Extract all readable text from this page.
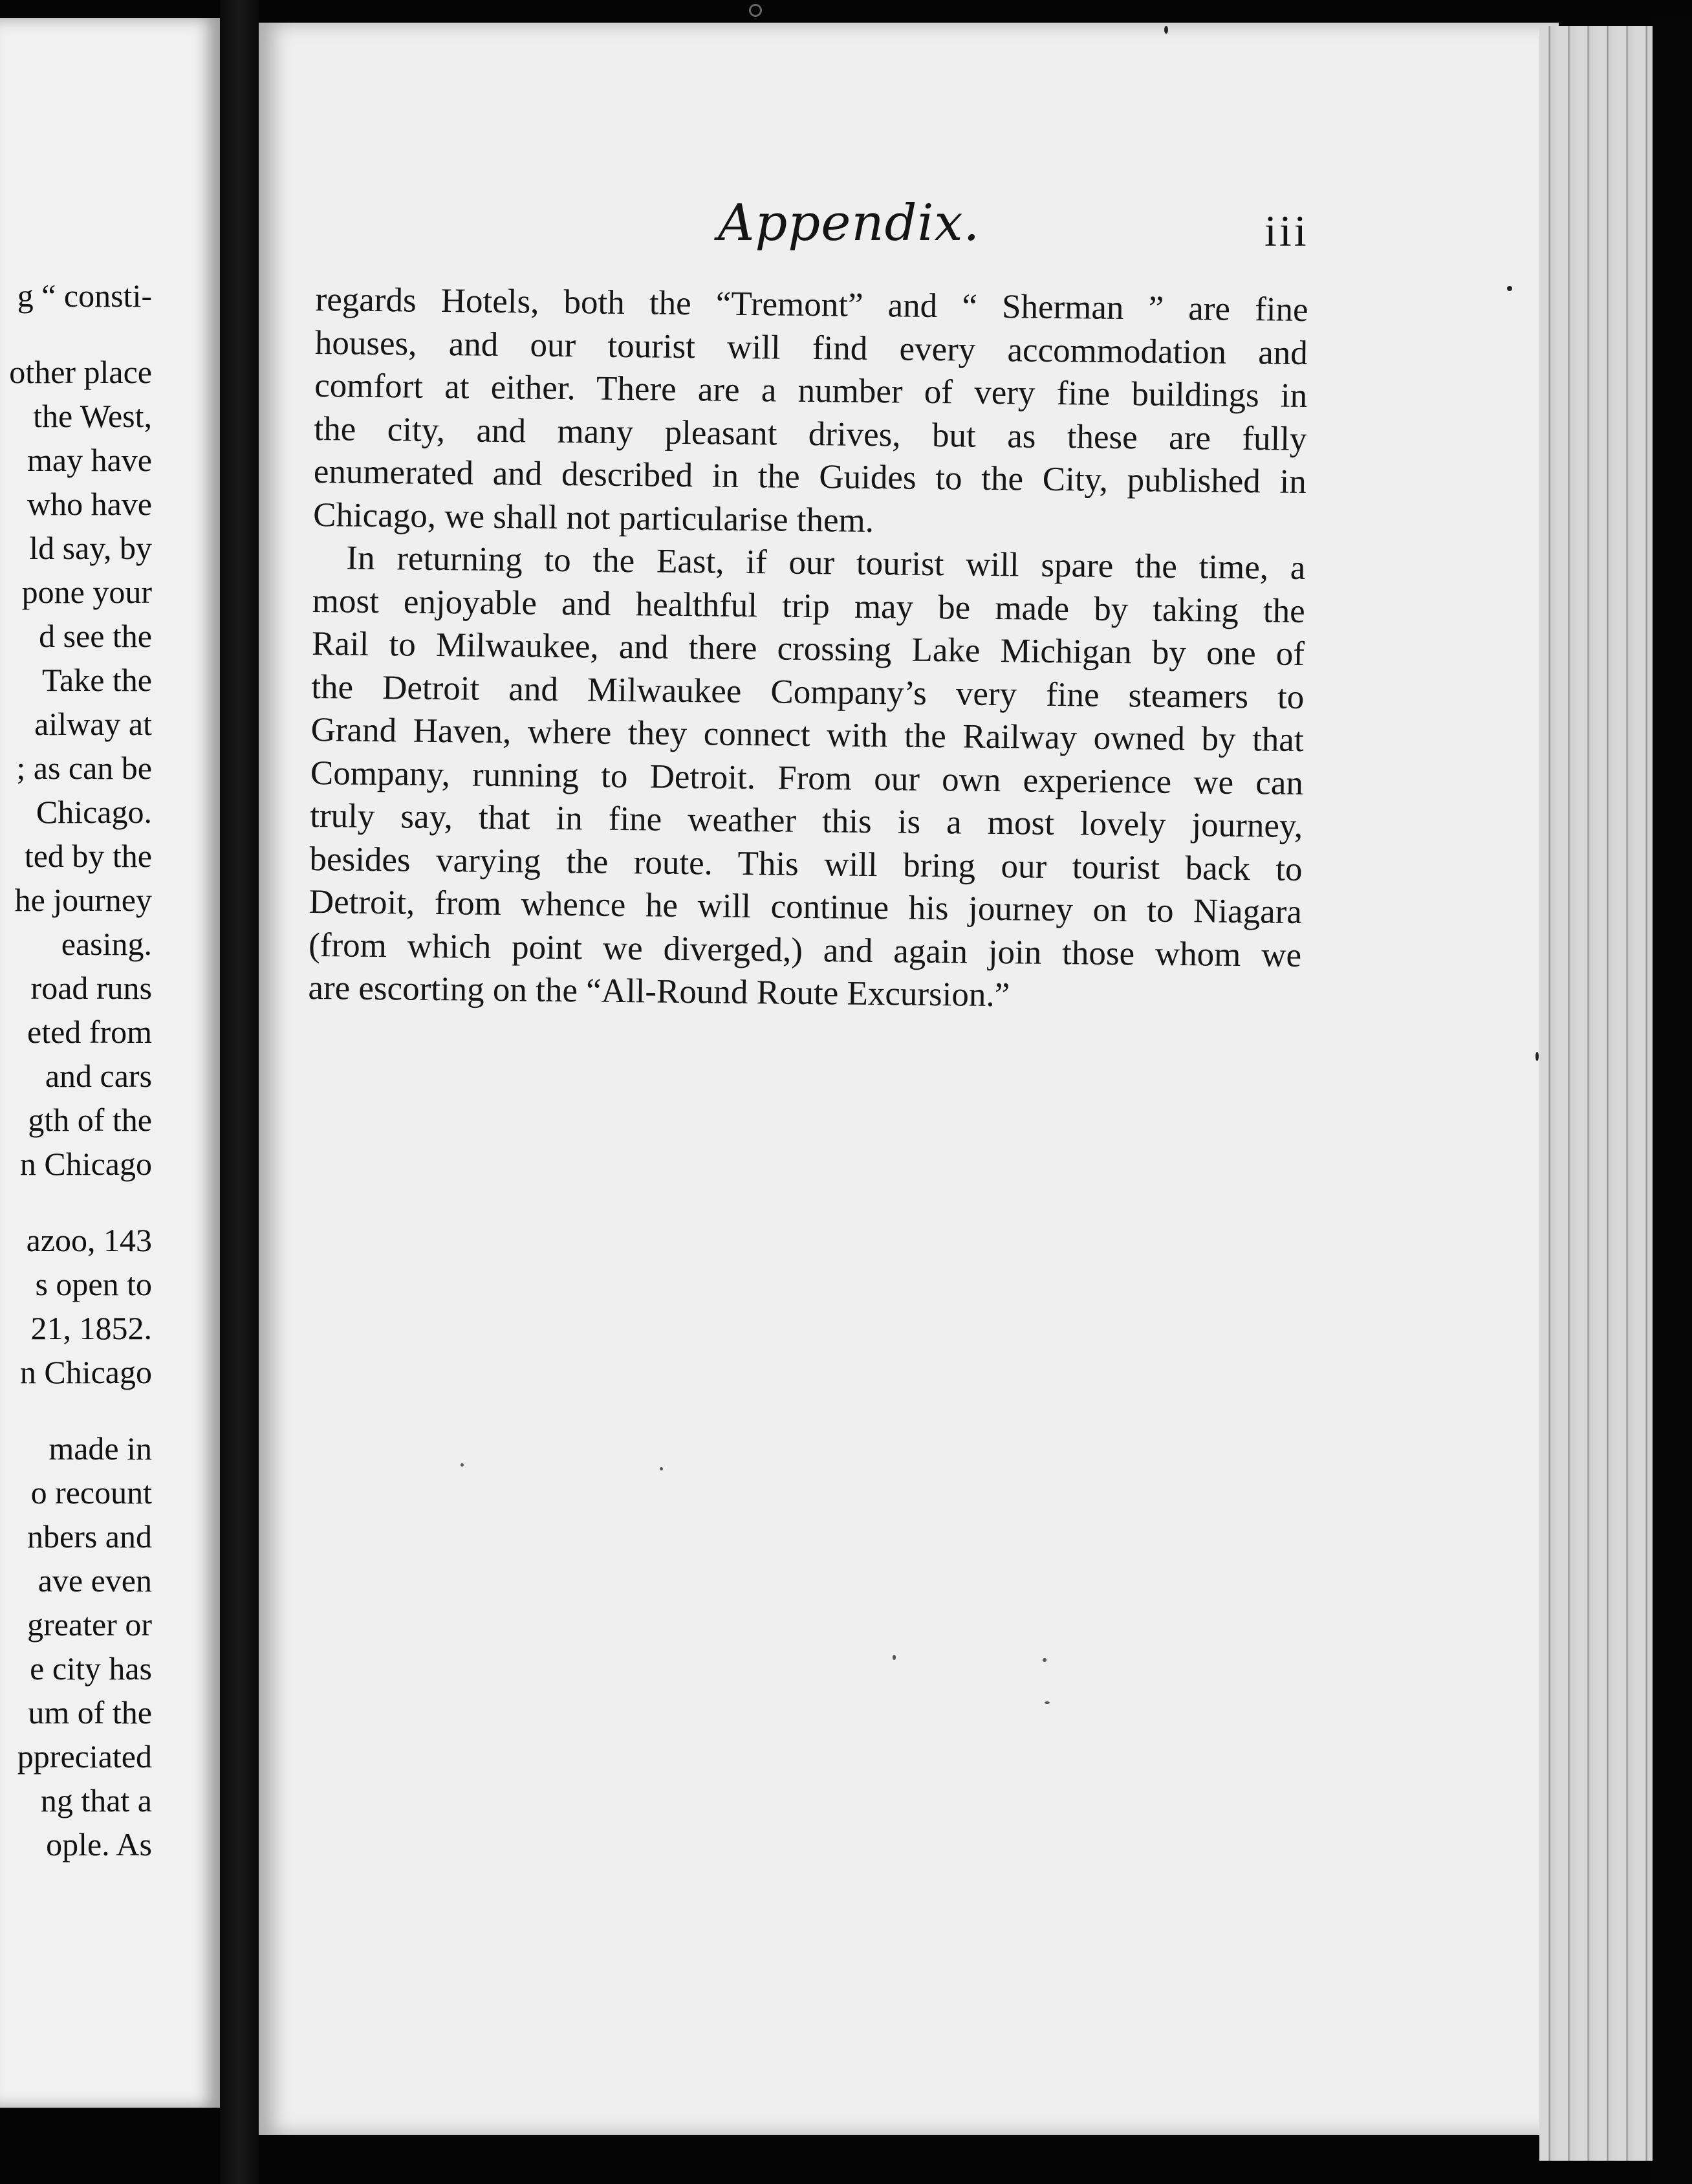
g “ consti-
other place
the West,
may have
who have
ld say, by
pone your
d see the
Take the
ailway at
; as can be
Chicago.
ted by the
he journey
easing.
road runs
eted from
and cars
gth of the
n Chicago
azoo, 143
s open to
21, 1852.
n Chicago
made in
o recount
nbers and
ave even
greater or
e city has
um of the
ppreciated
ng that a
ople. As
Appendix.	iii
regards Hotels, both the “Tremont” and “ Sherman ” are fine
houses, and our tourist will find every accommodation and
comfort at either. There are a number of very fine buildings in
the city, and many pleasant drives, but as these are fully
enumerated and described in the Guides to the City, published in
Chicago, we shall not particularise them.
In returning to the East, if our tourist will spare the time, a
most enjoyable and healthful trip may be made by taking the
Rail to Milwaukee, and there crossing Lake Michigan by one of
the Detroit and Milwaukee Company’s very fine steamers to
Grand Haven, where they connect with the Railway owned by that
Company, running to Detroit. From our own experience we can
truly say, that in fine weather this is a most lovely journey,
besides varying the route. This will bring our tourist back to
Detroit, from whence he will continue his journey on to Niagara
(from which point we diverged,) and again join those whom we
are escorting on the “All-Round Route Excursion.”
